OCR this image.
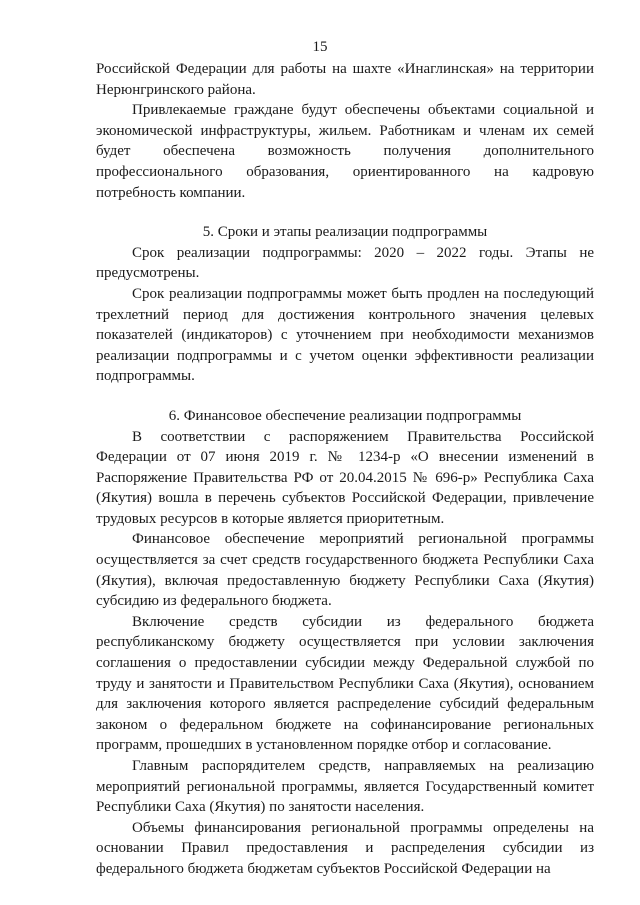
15

Российской Федерации для работы на шахте «Инаглинская» на территории Нерюнгринского района.

Привлекаемые граждане будут обеспечены объектами социальной и экономической инфраструктуры, жильем. Работникам и членам их семей будет обеспечена возможность получения дополнительного профессионального образования, ориентированного на кадровую потребность компании.

5. Сроки и этапы реализации подпрограммы

Срок реализации подпрограммы: 2020 – 2022 годы. Этапы не предусмотрены.

Срок реализации подпрограммы может быть продлен на последующий трехлетний период для достижения контрольного значения целевых показателей (индикаторов) с уточнением при необходимости механизмов реализации подпрограммы и с учетом оценки эффективности реализации подпрограммы.

6. Финансовое обеспечение реализации подпрограммы

В соответствии с распоряжением Правительства Российской Федерации от 07 июня 2019 г. № 1234-р «О внесении изменений в Распоряжение Правительства РФ от 20.04.2015 № 696-р» Республика Саха (Якутия) вошла в перечень субъектов Российской Федерации, привлечение трудовых ресурсов в которые является приоритетным.

Финансовое обеспечение мероприятий региональной программы осуществляется за счет средств государственного бюджета Республики Саха (Якутия), включая предоставленную бюджету Республики Саха (Якутия) субсидию из федерального бюджета.

Включение средств субсидии из федерального бюджета республиканскому бюджету осуществляется при условии заключения соглашения о предоставлении субсидии между Федеральной службой по труду и занятости и Правительством Республики Саха (Якутия), основанием для заключения которого является распределение субсидий федеральным законом о федеральном бюджете на софинансирование региональных программ, прошедших в установленном порядке отбор и согласование.

Главным распорядителем средств, направляемых на реализацию мероприятий региональной программы, является Государственный комитет Республики Саха (Якутия) по занятости населения.

Объемы финансирования региональной программы определены на основании Правил предоставления и распределения субсидии из федерального бюджета бюджетам субъектов Российской Федерации на
